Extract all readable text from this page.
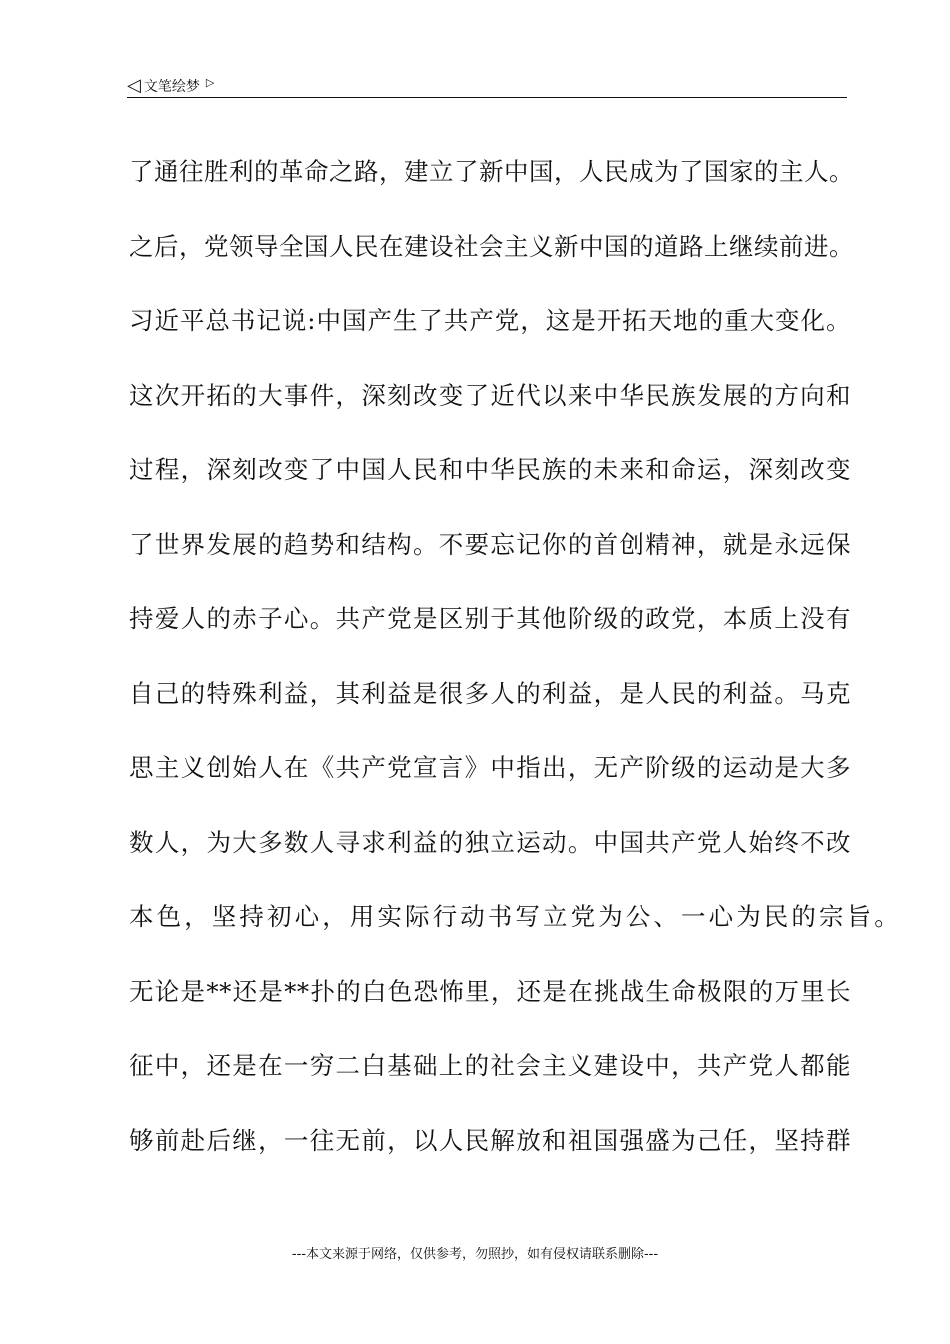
◁ 文笔绘梦 ▷
了通往胜利的革命之路，建立了新中国，人民成为了国家的主人。
之后，党领导全国人民在建设社会主义新中国的道路上继续前进。
习近平总书记说:中国产生了共产党，这是开拓天地的重大变化。
这次开拓的大事件，深刻改变了近代以来中华民族发展的方向和
过程，深刻改变了中国人民和中华民族的未来和命运，深刻改变
了世界发展的趋势和结构。不要忘记你的首创精神，就是永远保
持爱人的赤子心。共产党是区别于其他阶级的政党，本质上没有
自己的特殊利益，其利益是很多人的利益，是人民的利益。马克
思主义创始人在《共产党宣言》中指出，无产阶级的运动是大多
数人，为大多数人寻求利益的独立运动。中国共产党人始终不改
本色，坚持初心，用实际行动书写立党为公、一心为民的宗旨。
无论是**还是**扑的白色恐怖里，还是在挑战生命极限的万里长
征中，还是在一穷二白基础上的社会主义建设中，共产党人都能
够前赴后继，一往无前，以人民解放和祖国强盛为己任，坚持群
---本文来源于网络，仅供参考，勿照抄，如有侵权请联系删除---
